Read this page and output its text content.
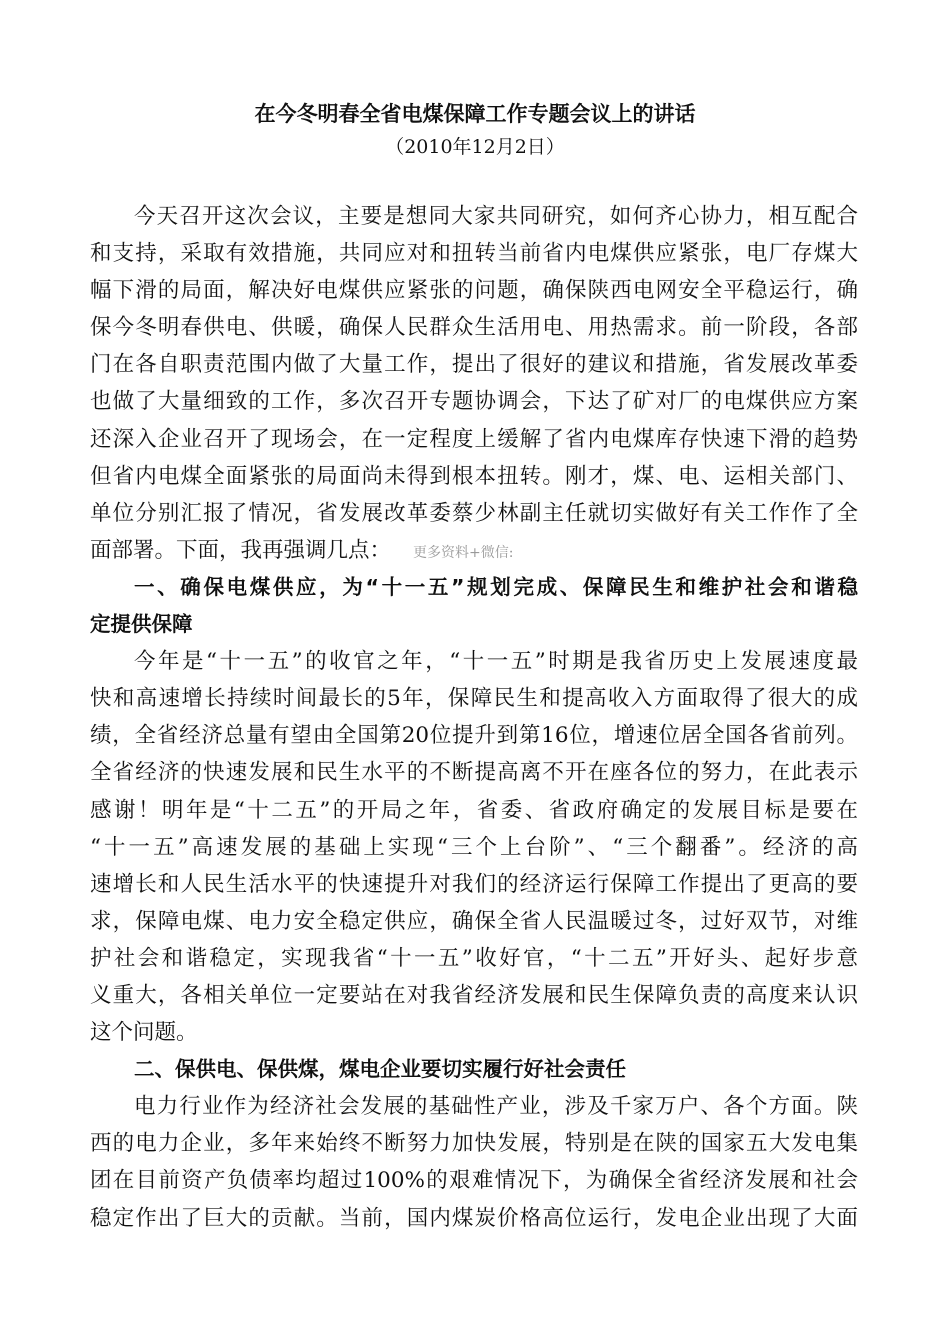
在今冬明春全省电煤保障工作专题会议上的讲话
（2010年12月2日）
今天召开这次会议，主要是想同大家共同研究，如何齐心协力，相互配合
和支持，采取有效措施，共同应对和扭转当前省内电煤供应紧张，电厂存煤大
幅下滑的局面，解决好电煤供应紧张的问题，确保陕西电网安全平稳运行，确
保今冬明春供电、供暖，确保人民群众生活用电、用热需求。前一阶段，各部
门在各自职责范围内做了大量工作，提出了很好的建议和措施，省发展改革委
也做了大量细致的工作，多次召开专题协调会，下达了矿对厂的电煤供应方案
还深入企业召开了现场会，在一定程度上缓解了省内电煤库存快速下滑的趋势
但省内电煤全面紧张的局面尚未得到根本扭转。刚才，煤、电、运相关部门、
单位分别汇报了情况，省发展改革委蔡少林副主任就切实做好有关工作作了全
面部署。下面，我再强调几点： 更多资料+微信:
一、确保电煤供应，为“十一五”规划完成、保障民生和维护社会和谐稳
定提供保障
今年是“十一五”的收官之年，“十一五”时期是我省历史上发展速度最
快和高速增长持续时间最长的5年，保障民生和提高收入方面取得了很大的成
绩，全省经济总量有望由全国第20位提升到第16位，增速位居全国各省前列。
全省经济的快速发展和民生水平的不断提高离不开在座各位的努力，在此表示
感谢！明年是“十二五”的开局之年，省委、省政府确定的发展目标是要在
“十一五”高速发展的基础上实现“三个上台阶”、“三个翻番”。经济的高
速增长和人民生活水平的快速提升对我们的经济运行保障工作提出了更高的要
求，保障电煤、电力安全稳定供应，确保全省人民温暖过冬，过好双节，对维
护社会和谐稳定，实现我省“十一五”收好官，“十二五”开好头、起好步意
义重大，各相关单位一定要站在对我省经济发展和民生保障负责的高度来认识
这个问题。
二、保供电、保供煤，煤电企业要切实履行好社会责任
电力行业作为经济社会发展的基础性产业，涉及千家万户、各个方面。陕
西的电力企业，多年来始终不断努力加快发展，特别是在陕的国家五大发电集
团在目前资产负债率均超过100%的艰难情况下，为确保全省经济发展和社会
稳定作出了巨大的贡献。当前，国内煤炭价格高位运行，发电企业出现了大面
